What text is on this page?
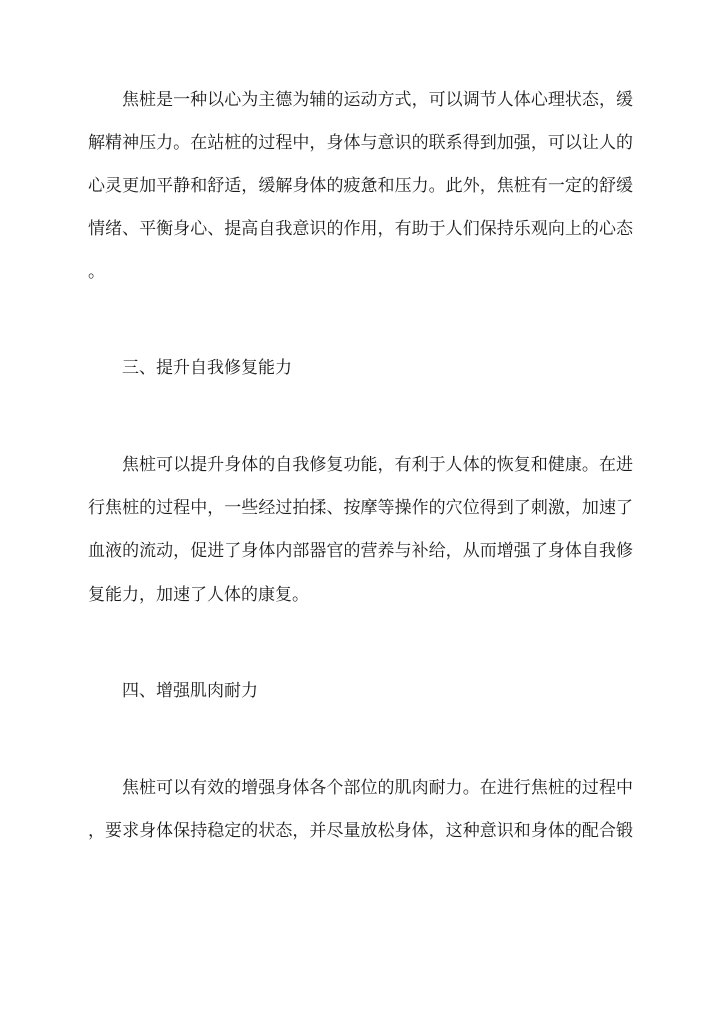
焦桩是一种以心为主德为辅的运动方式，可以调节人体心理状态，缓
解精神压力。在站桩的过程中，身体与意识的联系得到加强，可以让人的
心灵更加平静和舒适，缓解身体的疲惫和压力。此外，焦桩有一定的舒缓
情绪、平衡身心、提高自我意识的作用，有助于人们保持乐观向上的心态
。
三、提升自我修复能力
焦桩可以提升身体的自我修复功能，有利于人体的恢复和健康。在进
行焦桩的过程中，一些经过拍揉、按摩等操作的穴位得到了刺激，加速了
血液的流动，促进了身体内部器官的营养与补给，从而增强了身体自我修
复能力，加速了人体的康复。
四、增强肌肉耐力
焦桩可以有效的增强身体各个部位的肌肉耐力。在进行焦桩的过程中
，要求身体保持稳定的状态，并尽量放松身体，这种意识和身体的配合锻
